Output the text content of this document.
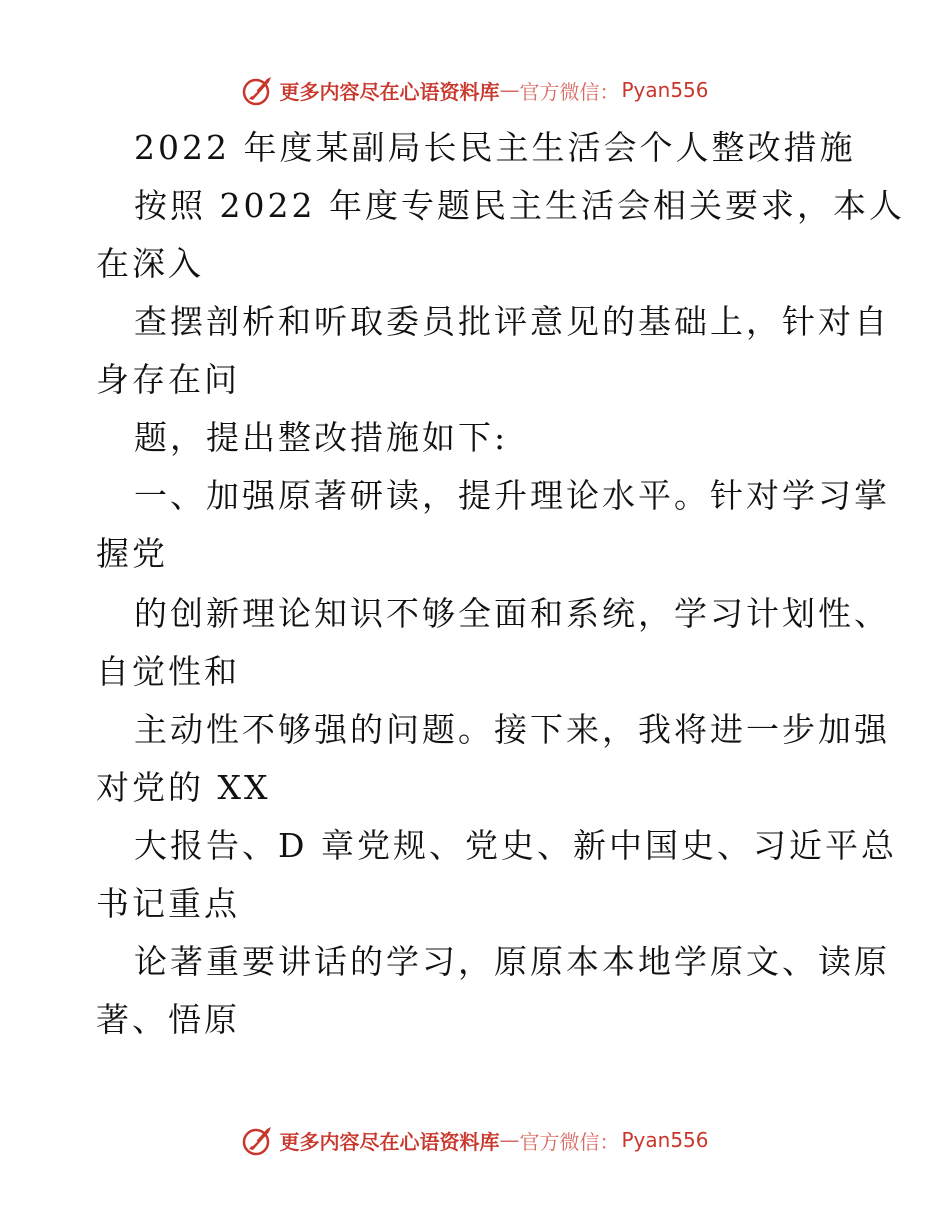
更多内容尽在心语资料库 — 官方微信： Pyan556
2022 年度某副局长民主生活会个人整改措施
按照 2022 年度专题民主生活会相关要求，本人
在深入
查摆剖析和听取委员批评意见的基础上，针对自
身存在问
题，提出整改措施如下:
一、加强原著研读，提升理论水平。针对学习掌
握党
的创新理论知识不够全面和系统，学习计划性、
自觉性和
主动性不够强的问题。接下来，我将进一步加强
对党的 XX
大报告、D 章党规、党史、新中国史、习近平总
书记重点
论著重要讲话的学习，原原本本地学原文、读原
著、悟原
更多内容尽在心语资料库 — 官方微信： Pyan556
